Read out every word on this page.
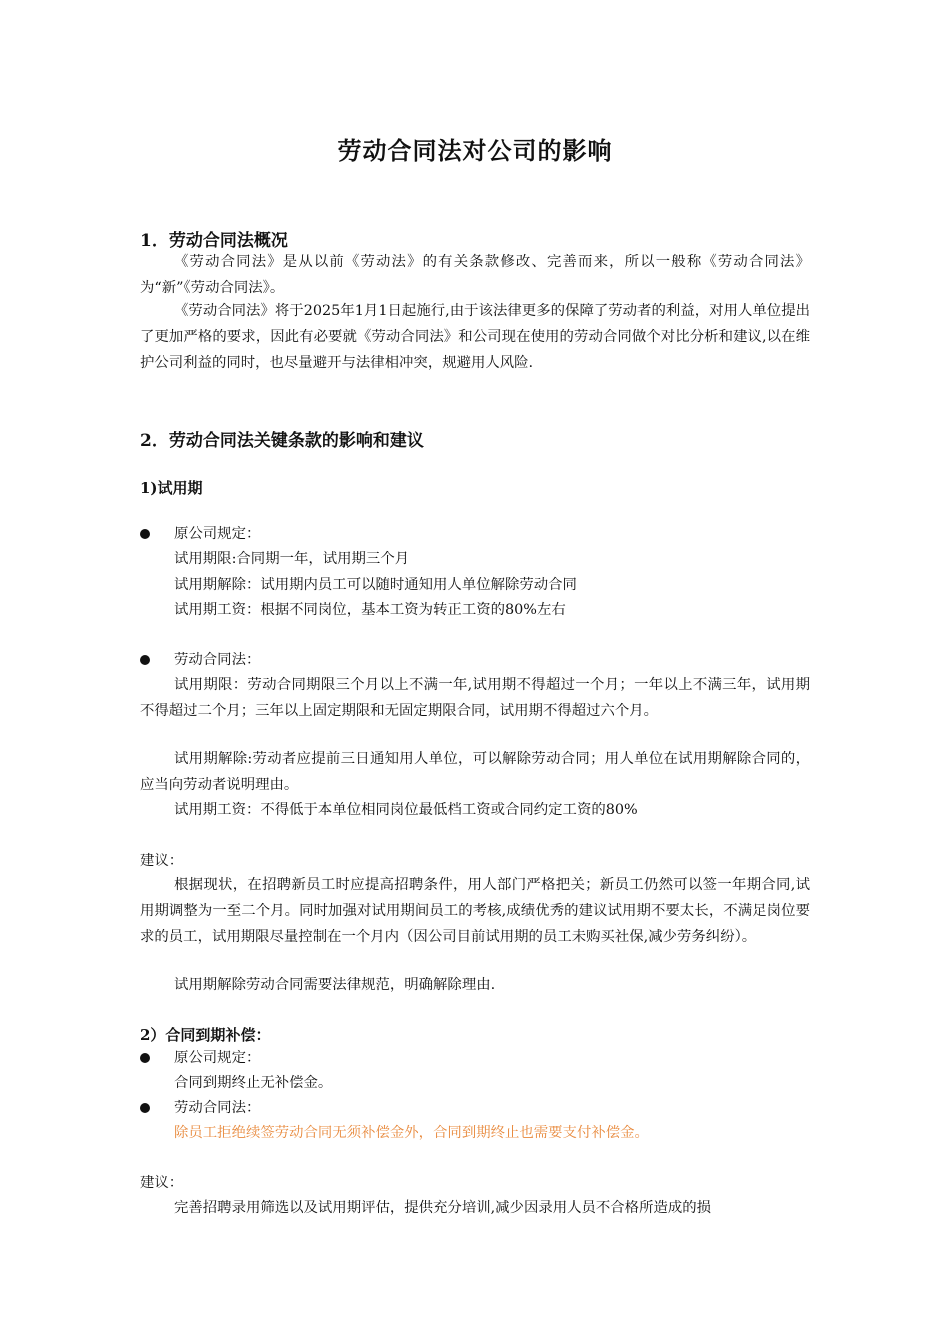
劳动合同法对公司的影响
1．劳动合同法概况
《劳动合同法》是从以前《劳动法》的有关条款修改、完善而来，所以一般称《劳动合同法》为“新”《劳动合同法》。
《劳动合同法》将于2025年1月1日起施行,由于该法律更多的保障了劳动者的利益，对用人单位提出了更加严格的要求，因此有必要就《劳动合同法》和公司现在使用的劳动合同做个对比分析和建议,以在维护公司利益的同时，也尽量避开与法律相冲突，规避用人风险.
2．劳动合同法关键条款的影响和建议
1)试用期
原公司规定：
试用期限:合同期一年，试用期三个月
试用期解除：试用期内员工可以随时通知用人单位解除劳动合同
试用期工资：根据不同岗位，基本工资为转正工资的80%左右
劳动合同法：
试用期限：劳动合同期限三个月以上不满一年,试用期不得超过一个月；一年以上不满三年，试用期不得超过二个月；三年以上固定期限和无固定期限合同，试用期不得超过六个月。
试用期解除:劳动者应提前三日通知用人单位，可以解除劳动合同；用人单位在试用期解除合同的，应当向劳动者说明理由。
试用期工资：不得低于本单位相同岗位最低档工资或合同约定工资的80%
建议：
根据现状，在招聘新员工时应提高招聘条件，用人部门严格把关；新员工仍然可以签一年期合同,试用期调整为一至二个月。同时加强对试用期间员工的考核,成绩优秀的建议试用期不要太长，不满足岗位要求的员工，试用期限尽量控制在一个月内（因公司目前试用期的员工未购买社保,减少劳务纠纷）。
试用期解除劳动合同需要法律规范，明确解除理由.
2）合同到期补偿：
原公司规定：
合同到期终止无补偿金。
劳动合同法：
除员工拒绝续签劳动合同无须补偿金外，合同到期终止也需要支付补偿金。
建议：
完善招聘录用筛选以及试用期评估，提供充分培训,减少因录用人员不合格所造成的损
